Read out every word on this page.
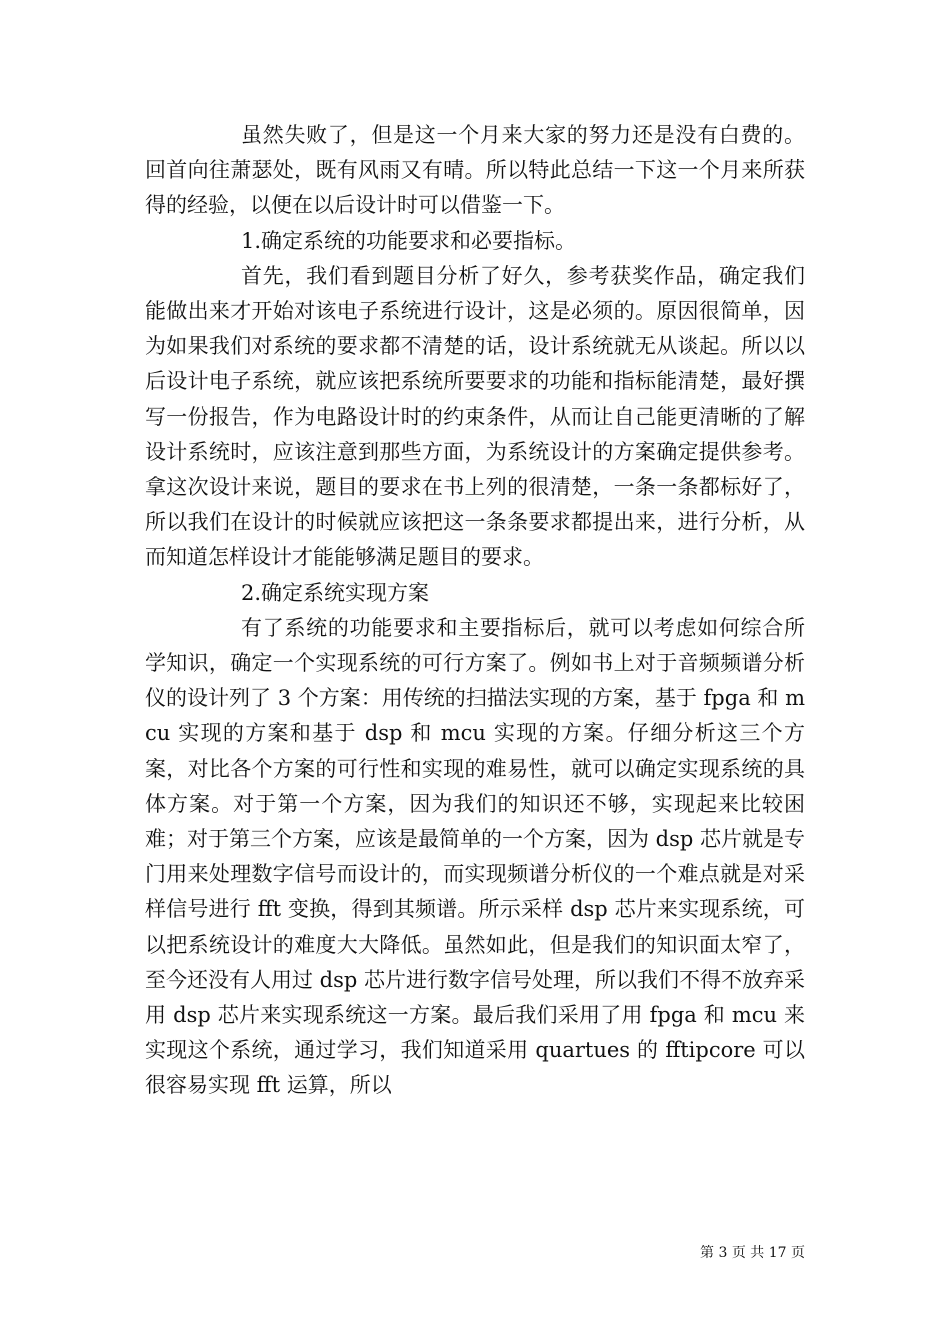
虽然失败了，但是这一个月来大家的努力还是没有白费的。回首向往萧瑟处，既有风雨又有晴。所以特此总结一下这一个月来所获得的经验，以便在以后设计时可以借鉴一下。

1.确定系统的功能要求和必要指标。

首先，我们看到题目分析了好久，参考获奖作品，确定我们能做出来才开始对该电子系统进行设计，这是必须的。原因很简单，因为如果我们对系统的要求都不清楚的话，设计系统就无从谈起。所以以后设计电子系统，就应该把系统所要要求的功能和指标能清楚，最好撰写一份报告，作为电路设计时的约束条件，从而让自己能更清晰的了解设计系统时，应该注意到那些方面，为系统设计的方案确定提供参考。拿这次设计来说，题目的要求在书上列的很清楚，一条一条都标好了，所以我们在设计的时候就应该把这一条条要求都提出来，进行分析，从而知道怎样设计才能能够满足题目的要求。

2.确定系统实现方案

有了系统的功能要求和主要指标后，就可以考虑如何综合所学知识，确定一个实现系统的可行方案了。例如书上对于音频频谱分析仪的设计列了 3 个方案：用传统的扫描法实现的方案，基于 fpga 和 mcu 实现的方案和基于 dsp 和 mcu 实现的方案。仔细分析这三个方案，对比各个方案的可行性和实现的难易性，就可以确定实现系统的具体方案。对于第一个方案，因为我们的知识还不够，实现起来比较困难；对于第三个方案，应该是最简单的一个方案，因为 dsp 芯片就是专门用来处理数字信号而设计的，而实现频谱分析仪的一个难点就是对采样信号进行 fft 变换，得到其频谱。所示采样 dsp 芯片来实现系统，可以把系统设计的难度大大降低。虽然如此，但是我们的知识面太窄了，至今还没有人用过 dsp 芯片进行数字信号处理，所以我们不得不放弃采用 dsp 芯片来实现系统这一方案。最后我们采用了用 fpga 和 mcu 来实现这个系统，通过学习，我们知道采用 quartues 的 fftipcore 可以很容易实现 fft 运算，所以

第 3 页 共 17 页
